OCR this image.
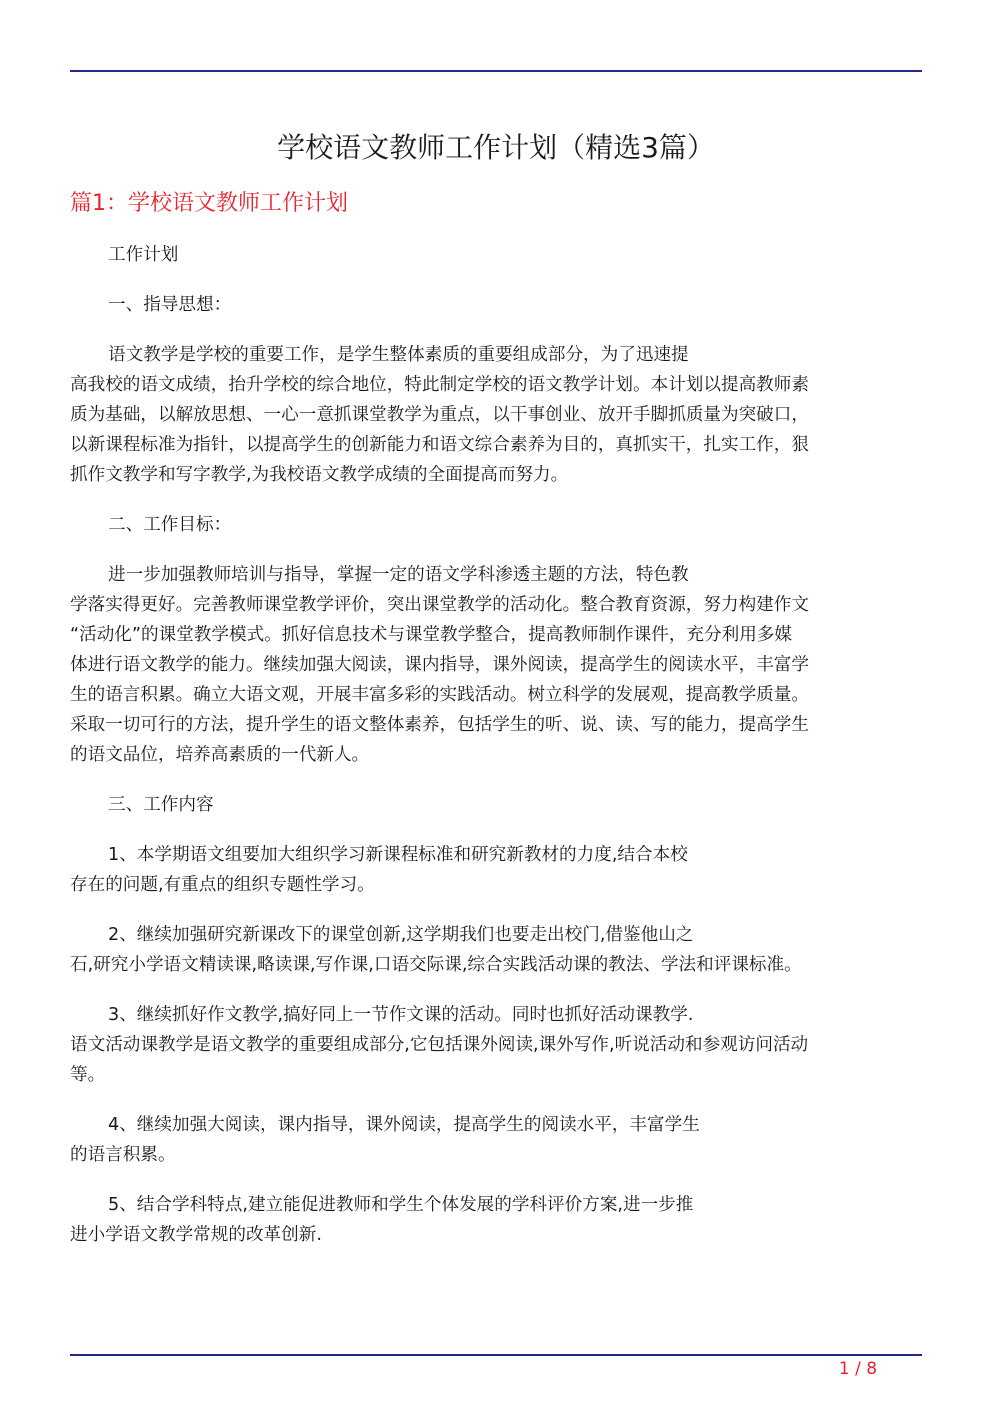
学校语文教师工作计划（精选3篇）
篇1：学校语文教师工作计划
工作计划
一、指导思想：
语文教学是学校的重要工作，是学生整体素质的重要组成部分，为了迅速提
高我校的语文成绩，抬升学校的综合地位，特此制定学校的语文教学计划。本计划以提高教师素
质为基础，以解放思想、一心一意抓课堂教学为重点，以干事创业、放开手脚抓质量为突破口，
以新课程标准为指针，以提高学生的创新能力和语文综合素养为目的，真抓实干，扎实工作，狠
抓作文教学和写字教学,为我校语文教学成绩的全面提高而努力。
二、工作目标：
进一步加强教师培训与指导，掌握一定的语文学科渗透主题的方法，特色教
学落实得更好。完善教师课堂教学评价，突出课堂教学的活动化。整合教育资源，努力构建作文
“活动化”的课堂教学模式。抓好信息技术与课堂教学整合，提高教师制作课件，充分利用多媒
体进行语文教学的能力。继续加强大阅读，课内指导，课外阅读，提高学生的阅读水平，丰富学
生的语言积累。确立大语文观，开展丰富多彩的实践活动。树立科学的发展观，提高教学质量。
采取一切可行的方法，提升学生的语文整体素养，包括学生的听、说、读、写的能力，提高学生
的语文品位，培养高素质的一代新人。
三、工作内容
1、本学期语文组要加大组织学习新课程标准和研究新教材的力度,结合本校
存在的问题,有重点的组织专题性学习。
2、继续加强研究新课改下的课堂创新,这学期我们也要走出校门,借鉴他山之
石,研究小学语文精读课,略读课,写作课,口语交际课,综合实践活动课的教法、学法和评课标准。
3、继续抓好作文教学,搞好同上一节作文课的活动。同时也抓好活动课教学.
语文活动课教学是语文教学的重要组成部分,它包括课外阅读,课外写作,听说活动和参观访问活动
等。
4、继续加强大阅读，课内指导，课外阅读，提高学生的阅读水平，丰富学生
的语言积累。
5、结合学科特点,建立能促进教师和学生个体发展的学科评价方案,进一步推
进小学语文教学常规的改革创新.
1 / 8
